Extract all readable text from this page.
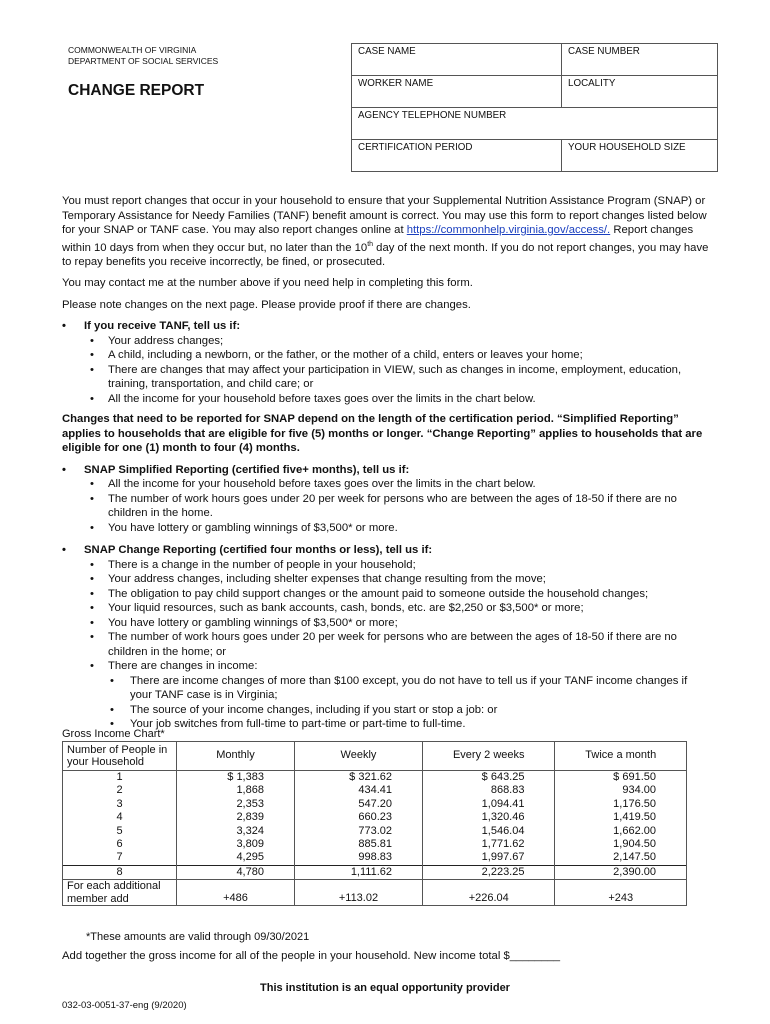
COMMONWEALTH OF VIRGINIA
DEPARTMENT OF SOCIAL SERVICES
CHANGE REPORT
CASE NAME	CASE NUMBER
WORKER NAME	LOCALITY
AGENCY TELEPHONE NUMBER	
CERTIFICATION PERIOD	YOUR HOUSEHOLD SIZE

You must report changes that occur in your household to ensure that your Supplemental Nutrition Assistance Program (SNAP) or Temporary Assistance for Needy Families (TANF) benefit amount is correct. You may use this form to report changes listed below for your SNAP or TANF case. You may also report changes online at https://commonhelp.virginia.gov/access/. Report changes within 10 days from when they occur but, no later than the 10th day of the next month. If you do not report changes, you may have to repay benefits you receive incorrectly, be fined, or prosecuted.

You may contact me at the number above if you need help in completing this form.

Please note changes on the next page. Please provide proof if there are changes.

• If you receive TANF, tell us if:
• Your address changes;
• A child, including a newborn, or the father, or the mother of a child, enters or leaves your home;
• There are changes that may affect your participation in VIEW, such as changes in income, employment, education, training, transportation, and child care; or
• All the income for your household before taxes goes over the limits in the chart below.

Changes that need to be reported for SNAP depend on the length of the certification period. “Simplified Reporting” applies to households that are eligible for five (5) months or longer. “Change Reporting” applies to households that are eligible for one (1) month to four (4) months.

• SNAP Simplified Reporting (certified five+ months), tell us if:
• All the income for your household before taxes goes over the limits in the chart below.
• The number of work hours goes under 20 per week for persons who are between the ages of 18-50 if there are no children in the home.
• You have lottery or gambling winnings of $3,500* or more.
• SNAP Change Reporting (certified four months or less), tell us if:
• There is a change in the number of people in your household;
• Your address changes, including shelter expenses that change resulting from the move;
• The obligation to pay child support changes or the amount paid to someone outside the household changes;
• Your liquid resources, such as bank accounts, cash, bonds, etc. are $2,250 or $3,500* or more;
• You have lottery or gambling winnings of $3,500* or more;
• The number of work hours goes under 20 per week for persons who are between the ages of 18-50 if there are no children in the home; or
• There are changes in income:
• There are income changes of more than $100 except, you do not have to tell us if your TANF income changes if your TANF case is in Virginia;
• The source of your income changes, including if you start or stop a job: or
• Your job switches from full-time to part-time or part-time to full-time.
Gross Income Chart*
Number of People in your Household	Monthly	Weekly	Every 2 weeks	Twice a month
1	$ 1,383	$ 321.62	$ 643.25	$ 691.50
2	1,868	434.41	868.83	934.00
3	2,353	547.20	1,094.41	1,176.50
4	2,839	660.23	1,320.46	1,419.50
5	3,324	773.02	1,546.04	1,662.00
6	3,809	885.81	1,771.62	1,904.50
7	4,295	998.83	1,997.67	2,147.50
8	4,780	1,111.62	2,223.25	2,390.00
For each additional member add	+486	+113.02	+226.04	+243
*These amounts are valid through 09/30/2021
Add together the gross income for all of the people in your household. New income total $________
This institution is an equal opportunity provider
032-03-0051-37-eng (9/2020)
